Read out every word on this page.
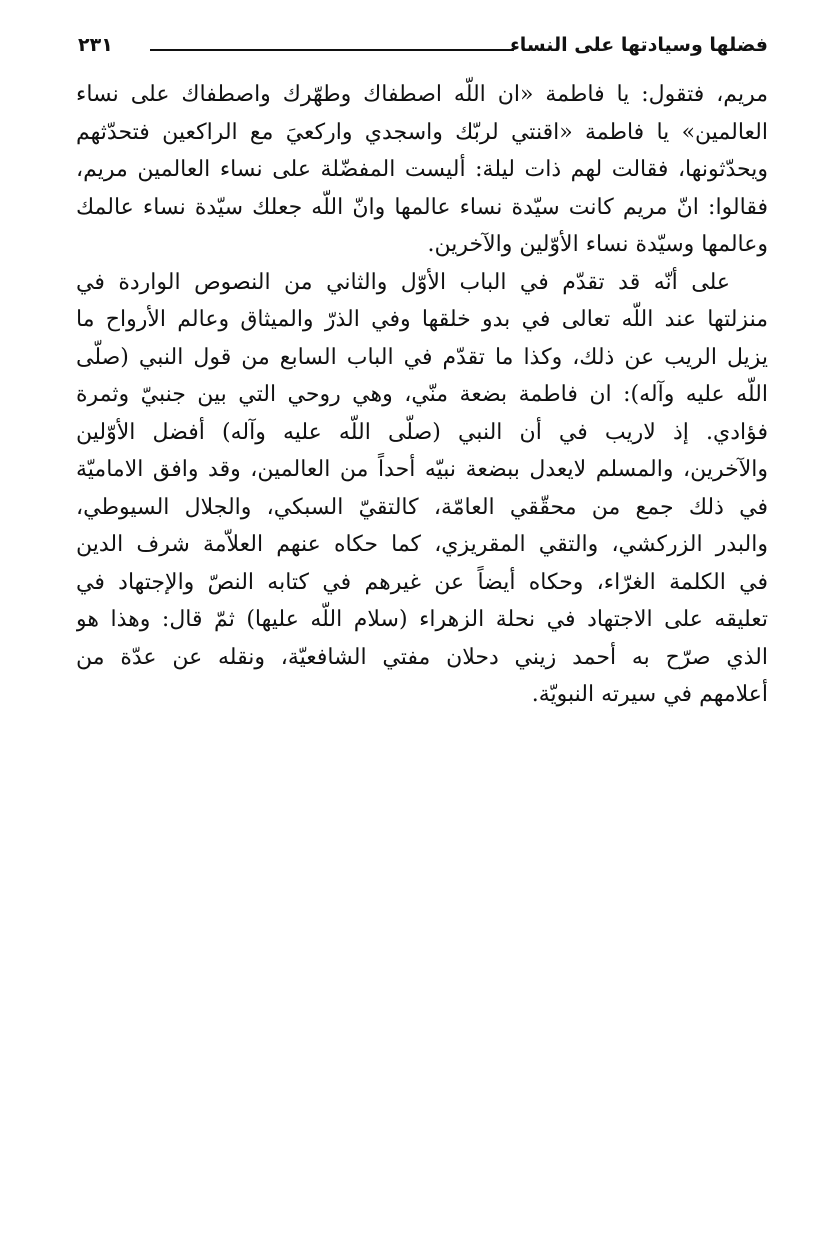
فضلها وسيادتها على النساء
٢٣١
مريم، فتقول: يا فاطمة «ان اللّه اصطفاك وطهّرك واصطفاك على نساء
العالمين» يا فاطمة «اقنتي لربّك واسجدي واركعيَ مع الراكعين فتحدّثهم
ويحدّثونها، فقالت لهم ذات ليلة: أليست المفضّلة على نساء العالمين مريم،
فقالوا: انّ مريم كانت سيّدة نساء عالمها وانّ اللّه جعلك سيّدة نساء عالمك
وعالمها وسيّدة نساء الأوّلين والآخرين.
على أنّه قد تقدّم في الباب الأوّل والثاني من النصوص الواردة في
منزلتها عند اللّه تعالى في بدو خلقها وفي الذرّ والميثاق وعالم الأرواح ما
يزيل الريب عن ذلك، وكذا ما تقدّم في الباب السابع من قول النبي (صلّى
اللّه عليه وآله): ان فاطمة بضعة منّي، وهي روحي التي بين جنبيّ وثمرة
فؤادي. إذ لاريب في أن النبي (صلّى اللّه عليه وآله) أفضل الأوّلين
والآخرين، والمسلم لايعدل ببضعة نبيّه أحداً من العالمين، وقد وافق الاماميّة
في ذلك جمع من محقّقي العامّة، كالتقيّ السبكي، والجلال السيوطي،
والبدر الزركشي، والتقي المقريزي، كما حكاه عنهم العلاّمة شرف الدين
في الكلمة الغرّاء، وحكاه أيضاً عن غيرهم في كتابه النصّ والإجتهاد في
تعليقه على الاجتهاد في نحلة الزهراء (سلام اللّه عليها) ثمّ قال: وهذا هو
الذي صرّح به أحمد زيني دحلان مفتي الشافعيّة، ونقله عن عدّة من
أعلامهم في سيرته النبويّة.
